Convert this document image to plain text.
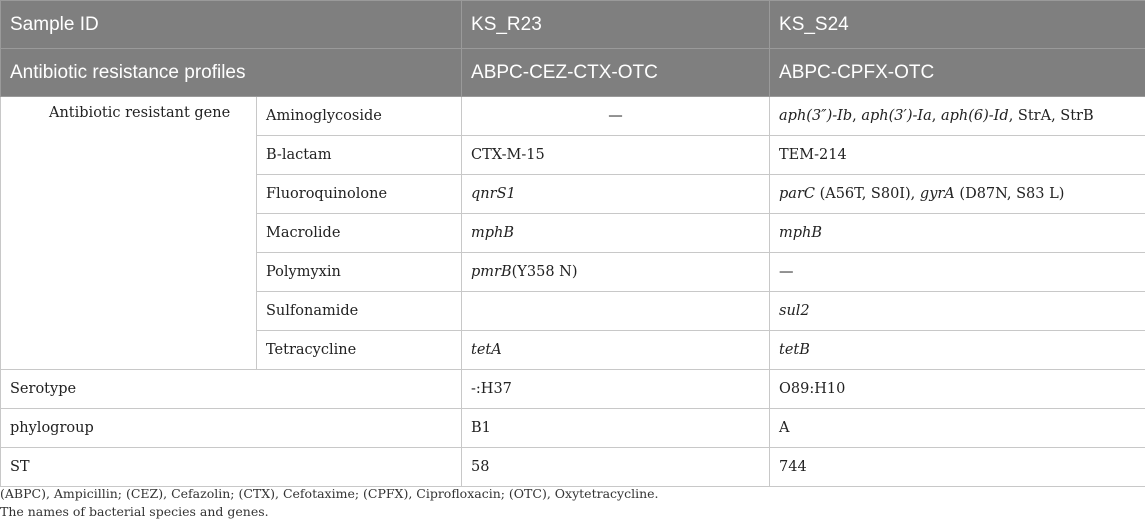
Sample ID		KS_R23	KS_S24
Antibiotic resistance profiles		ABPC-CEZ-CTX-OTC	ABPC-CPFX-OTC
Antibiotic resistant gene	Aminoglycoside	—	aph(3″)-Ib, aph(3′)-Ia, aph(6)-Id, StrA, StrB
	B-lactam	CTX-M-15	TEM-214
	Fluoroquinolone	qnrS1	parC (A56T, S80I), gyrA (D87N, S83 L)
	Macrolide	mphB	mphB
	Polymyxin	pmrB(Y358 N)	—
	Sulfonamide		sul2
	Tetracycline	tetA	tetB
Serotype		-:H37	O89:H10
phylogroup		B1	A
ST		58	744
(ABPC), Ampicillin; (CEZ), Cefazolin; (CTX), Cefotaxime; (CPFX), Ciprofloxacin; (OTC), Oxytetracycline.
The names of bacterial species and genes.
